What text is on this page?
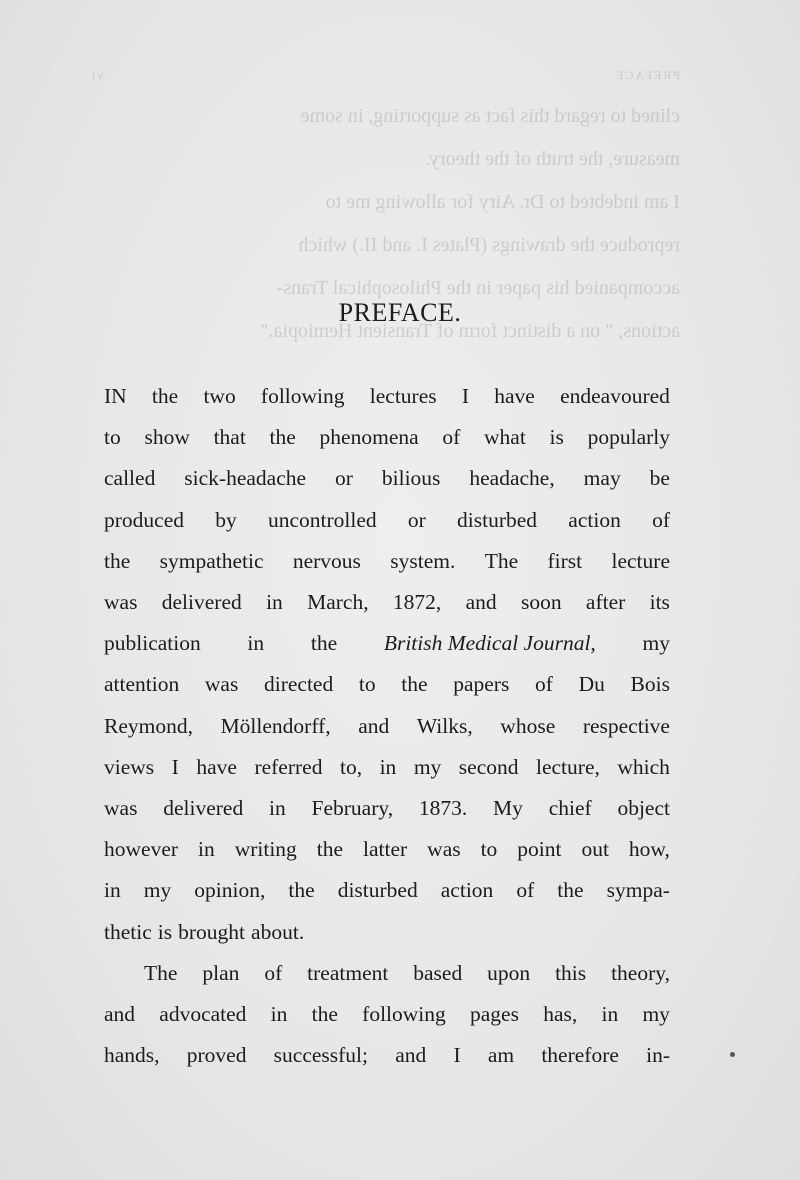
PREFACE
vi

clined to regard this fact as supporting, in some

measure, the truth of the theory.

I am indebted to Dr. Airy for allowing me to

reproduce the drawings (Plates I. and II.) which

accompanied his paper in the Philosophical Trans-

actions, " on a distinct form of Transient Hemiopia."

PREFACE.
IN the two following lectures I have endeavoured
to show that the phenomena of what is popularly
called sick-headache or bilious headache, may be
produced by uncontrolled or disturbed action of
the sympathetic nervous system. The first lecture
was delivered in March, 1872, and soon after its
publication in the British Medical Journal, my
attention was directed to the papers of Du Bois
Reymond, Möllendorff, and Wilks, whose respective
views I have referred to, in my second lecture, which
was delivered in February, 1873. My chief object
however in writing the latter was to point out how,
in my opinion, the disturbed action of the sympa-
thetic is brought about.
The plan of treatment based upon this theory,
and advocated in the following pages has, in my
hands, proved successful; and I am therefore in-
